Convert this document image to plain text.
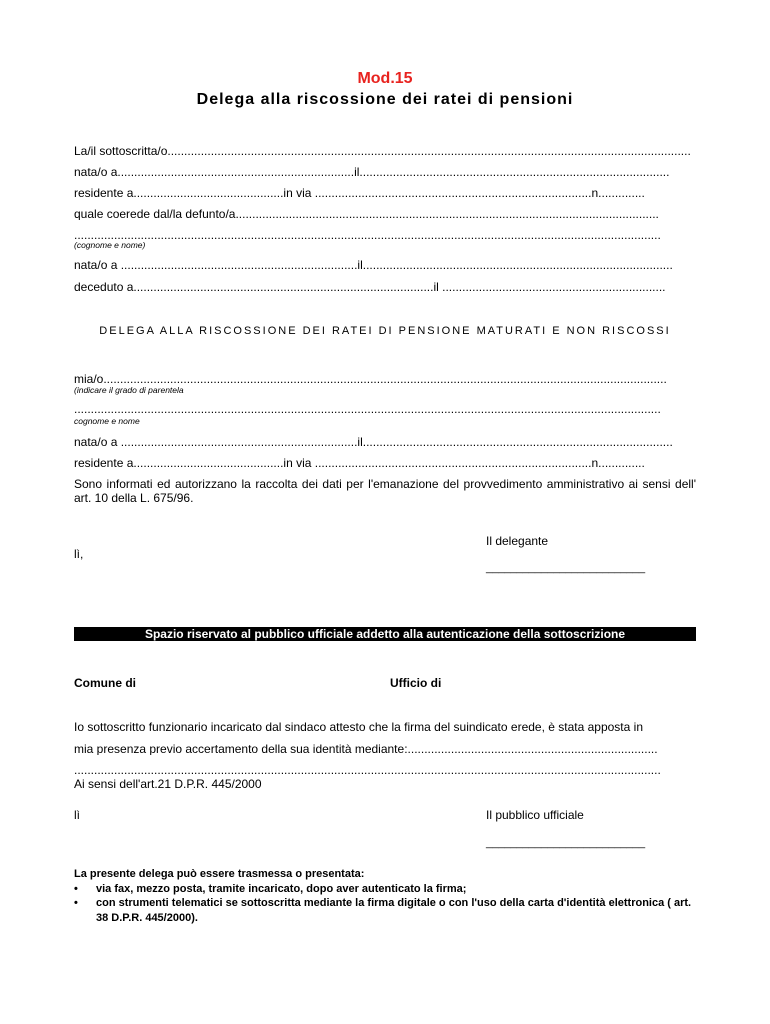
Mod.15
Delega alla riscossione dei ratei di pensioni
La/il sottoscritta/o.............................................................................................................................................................
nata/o a.......................................................................il.............................................................................................
residente a.............................................in via ...................................................................................n..............
quale coerede dal/la defunto/a...............................................................................................................................
................................................................................................................................................................................
(cognome e nome)
nata/o a .......................................................................il.............................................................................................
deceduto a..........................................................................................il ...................................................................
DELEGA ALLA RISCOSSIONE DEI RATEI DI PENSIONE MATURATI E NON RISCOSSI
mia/o.........................................................................................................................................................................
(indicare il grado di parentela
................................................................................................................................................................................
cognome e nome
nata/o a .......................................................................il.............................................................................................
residente a.............................................in via ...................................................................................n..............
Sono informati ed autorizzano la raccolta dei dati per l'emanazione del provvedimento amministrativo ai sensi dell' art. 10 della L. 675/96.
Il delegante
lì,
__________________________
Spazio riservato al pubblico ufficiale addetto alla autenticazione della sottoscrizione
Comune di	Ufficio di
Io sottoscritto funzionario incaricato dal sindaco attesto che la firma del suindicato erede, è stata apposta in
mia presenza previo accertamento della sua identità mediante:...........................................................................
................................................................................................................................................................................
Ai sensi dell'art.21 D.P.R. 445/2000
lì	Il pubblico ufficiale
__________________________
La presente delega può essere trasmessa o presentata:
• via fax, mezzo posta, tramite incaricato, dopo aver autenticato la firma;
• con strumenti telematici se sottoscritta mediante la firma digitale o con l'uso della carta d'identità elettronica ( art. 38 D.P.R. 445/2000).
